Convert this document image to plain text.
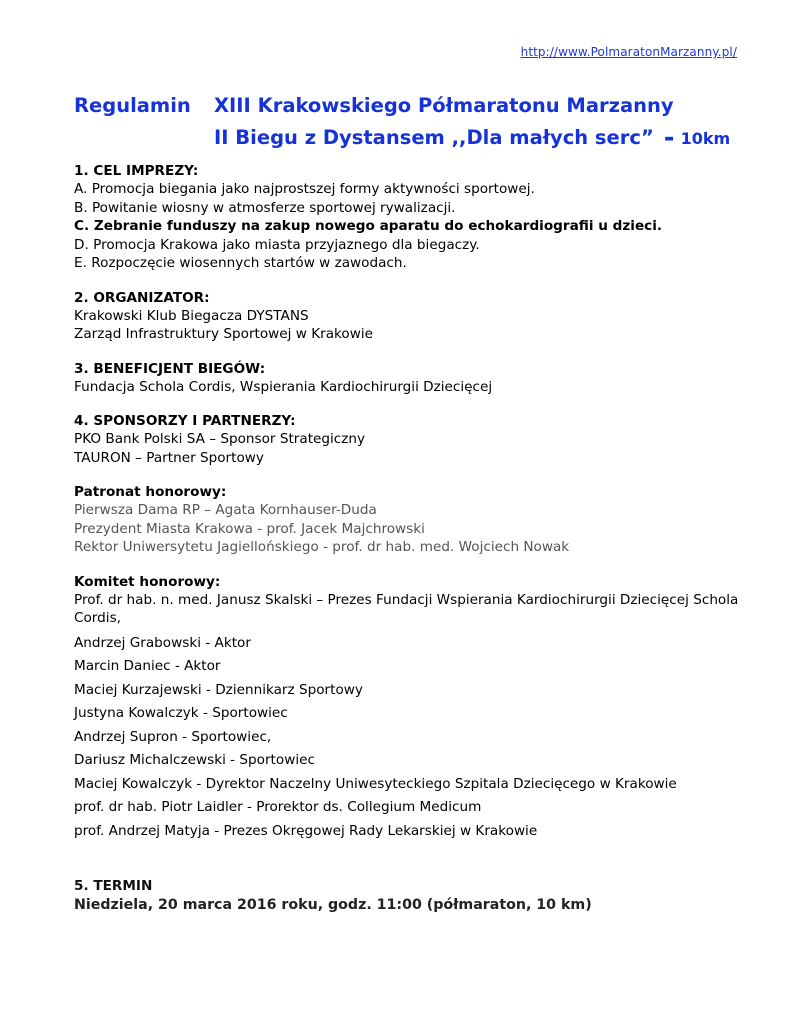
http://www.PolmaratonMarzanny.pl/
Regulamin XIII Krakowskiego Półmaratonu Marzanny
II Biegu z Dystansem ,,Dla małych serc” - 10km
1. CEL IMPREZY:
A. Promocja biegania jako najprostszej formy aktywności sportowej.
B. Powitanie wiosny w atmosferze sportowej rywalizacji.
C. Zebranie funduszy na zakup nowego aparatu do echokardiografii u dzieci.
D. Promocja Krakowa jako miasta przyjaznego dla biegaczy.
E. Rozpoczęcie wiosennych startów w zawodach.
2. ORGANIZATOR:
Krakowski Klub Biegacza DYSTANS
Zarząd Infrastruktury Sportowej w Krakowie
3. BENEFICJENT BIEGÓW:
Fundacja Schola Cordis, Wspierania Kardiochirurgii Dziecięcej
4. SPONSORZY I PARTNERZY:
PKO Bank Polski SA – Sponsor Strategiczny
TAURON – Partner Sportowy
Patronat honorowy:
Pierwsza Dama RP – Agata Kornhauser-Duda
Prezydent Miasta Krakowa - prof. Jacek Majchrowski
Rektor Uniwersytetu Jagiellońskiego - prof. dr hab. med. Wojciech Nowak
Komitet honorowy:
Prof. dr hab. n. med. Janusz Skalski – Prezes Fundacji Wspierania Kardiochirurgii Dziecięcej Schola Cordis,
Andrzej Grabowski - Aktor
Marcin Daniec - Aktor
Maciej Kurzajewski - Dziennikarz Sportowy
Justyna Kowalczyk - Sportowiec
Andrzej Supron - Sportowiec,
Dariusz Michalczewski - Sportowiec
Maciej Kowalczyk - Dyrektor Naczelny Uniwesyteckiego Szpitala Dziecięcego w Krakowie
prof. dr hab. Piotr Laidler - Prorektor ds. Collegium Medicum
prof. Andrzej Matyja - Prezes Okręgowej Rady Lekarskiej w Krakowie
5. TERMIN
Niedziela, 20 marca 2016 roku, godz. 11:00 (półmaraton, 10 km)
